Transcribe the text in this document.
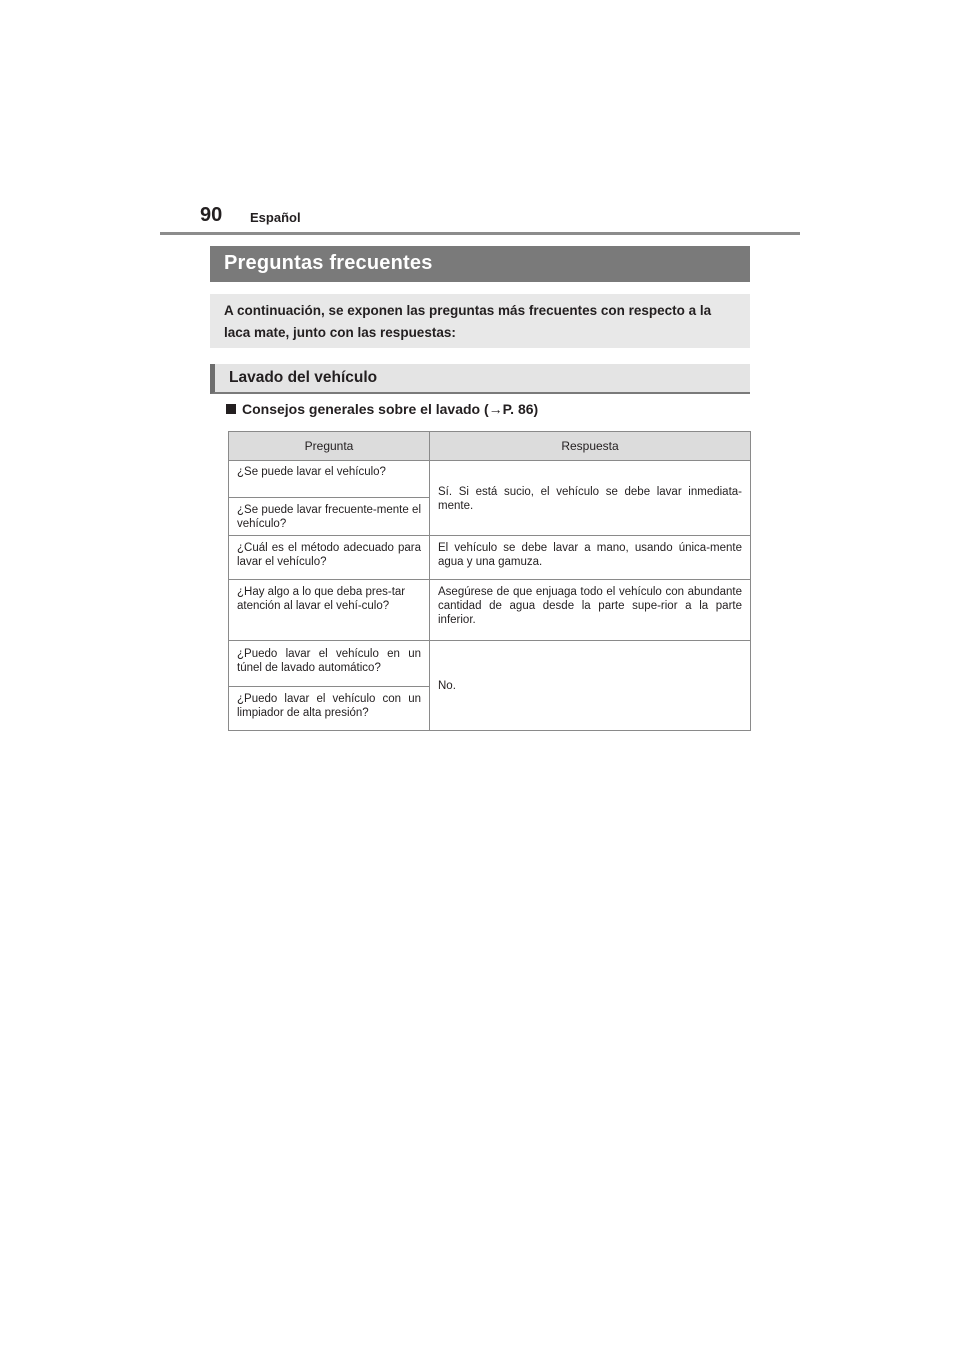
90 Español
Preguntas frecuentes
A continuación, se exponen las preguntas más frecuentes con respecto a la laca mate, junto con las respuestas:
Lavado del vehículo
Consejos generales sobre el lavado (→P. 86)
Pregunta	Respuesta
¿Se puede lavar el vehículo?	Sí. Si está sucio, el vehículo se debe lavar inmediata-mente.
¿Se puede lavar frecuente-mente el vehículo?	
¿Cuál es el método adecuado para lavar el vehículo?	El vehículo se debe lavar a mano, usando única-mente agua y una gamuza.
¿Hay algo a lo que deba pres-tar atención al lavar el vehí-culo?	Asegúrese de que enjuaga todo el vehículo con abundante cantidad de agua desde la parte supe-rior a la parte inferior.
¿Puedo lavar el vehículo en un túnel de lavado automático?	No.
¿Puedo lavar el vehículo con un limpiador de alta presión?	
